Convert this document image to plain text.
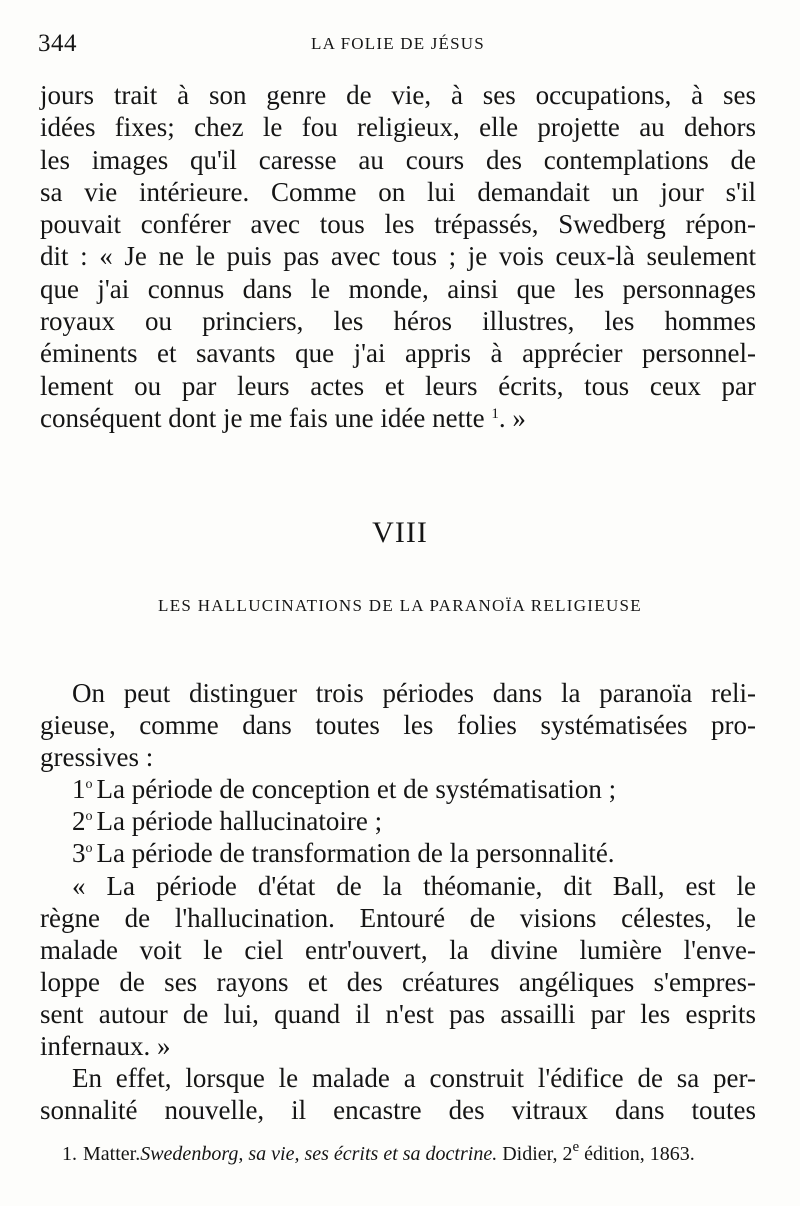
344	LA FOLIE DE JÉSUS
jours trait à son genre de vie, à ses occupations, à ses
idées fixes; chez le fou religieux, elle projette au dehors
les images qu'il caresse au cours des contemplations de
sa vie intérieure. Comme on lui demandait un jour s'il
pouvait conférer avec tous les trépassés, Swedberg répon-
dit : « Je ne le puis pas avec tous ; je vois ceux-là seulement
que j'ai connus dans le monde, ainsi que les personnages
royaux ou princiers, les héros illustres, les hommes
éminents et savants que j'ai appris à apprécier personnel-
lement ou par leurs actes et leurs écrits, tous ceux par
conséquent dont je me fais une idée nette $^1$. »
VIII
LES HALLUCINATIONS DE LA PARANOÏA RELIGIEUSE
On peut distinguer trois périodes dans la paranoïa reli-
gieuse, comme dans toutes les folies systématisées pro-
gressives :
1$^o$ La période de conception et de systématisation ;
2$^o$ La période hallucinatoire ;
3$^o$ La période de transformation de la personnalité.
« La période d'état de la théomanie, dit Ball, est le
règne de l'hallucination. Entouré de visions célestes, le
malade voit le ciel entr'ouvert, la divine lumière l'enve-
loppe de ses rayons et des créatures angéliques s'empres-
sent autour de lui, quand il n'est pas assailli par les esprits
infernaux. »
En effet, lorsque le malade a construit l'édifice de sa per-
sonnalité nouvelle, il encastre des vitraux dans toutes
1. Matter.Swedenborg, sa vie, ses écrits et sa doctrine. Didier, 2e édition, 1863.
